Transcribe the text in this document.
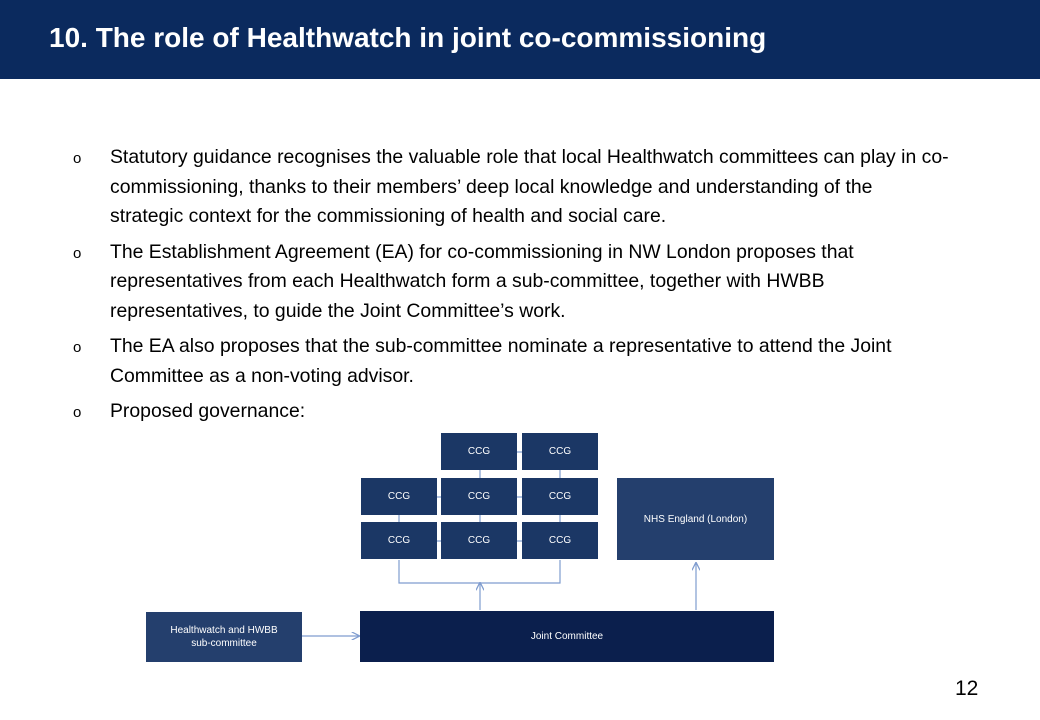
10. The role of Healthwatch in joint co-commissioning
o Statutory guidance recognises the valuable role that local Healthwatch committees can play in co-commissioning, thanks to their members’ deep local knowledge and understanding of the strategic context for the commissioning of health and social care.
o The Establishment Agreement (EA) for co-commissioning in NW London proposes that representatives from each Healthwatch form a sub-committee, together with HWBB representatives, to guide the Joint Committee’s work.
o The EA also proposes that the sub-committee nominate a representative to attend the Joint Committee as a non-voting advisor.
o Proposed governance:
CCG	CCG
CCG	CCG	CCG
CCG	CCG	CCG
NHS England (London)
Joint Committee
Healthwatch and HWBB sub-committee
12
